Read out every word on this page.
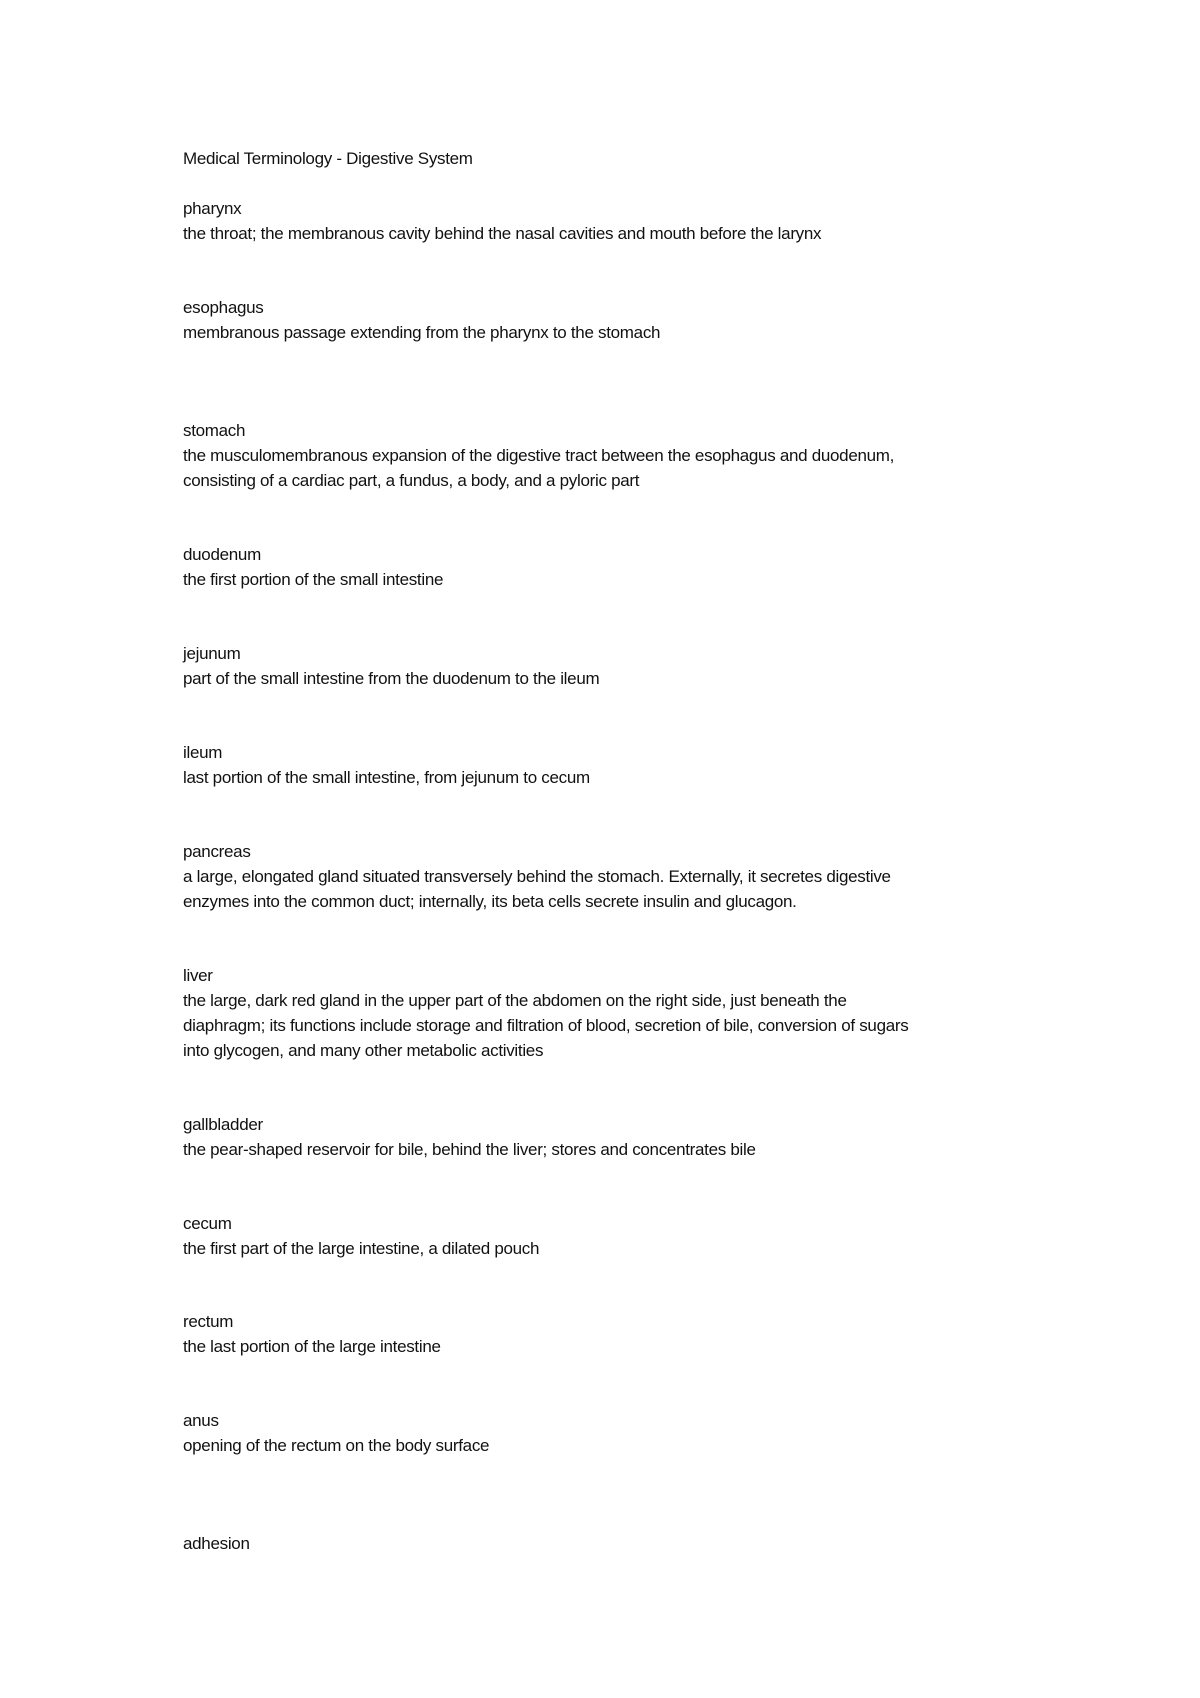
Medical Terminology - Digestive System
pharynx
the throat; the membranous cavity behind the nasal cavities and mouth before the larynx
esophagus
membranous passage extending from the pharynx to the stomach
stomach
the musculomembranous expansion of the digestive tract between the esophagus and duodenum,
consisting of a cardiac part, a fundus, a body, and a pyloric part
duodenum
the first portion of the small intestine
jejunum
part of the small intestine from the duodenum to the ileum
ileum
last portion of the small intestine, from jejunum to cecum
pancreas
a large, elongated gland situated transversely behind the stomach. Externally, it secretes digestive
enzymes into the common duct; internally, its beta cells secrete insulin and glucagon.
liver
the large, dark red gland in the upper part of the abdomen on the right side, just beneath the
diaphragm; its functions include storage and filtration of blood, secretion of bile, conversion of sugars
into glycogen, and many other metabolic activities
gallbladder
the pear-shaped reservoir for bile, behind the liver; stores and concentrates bile
cecum
the first part of the large intestine, a dilated pouch
rectum
the last portion of the large intestine
anus
opening of the rectum on the body surface
adhesion
